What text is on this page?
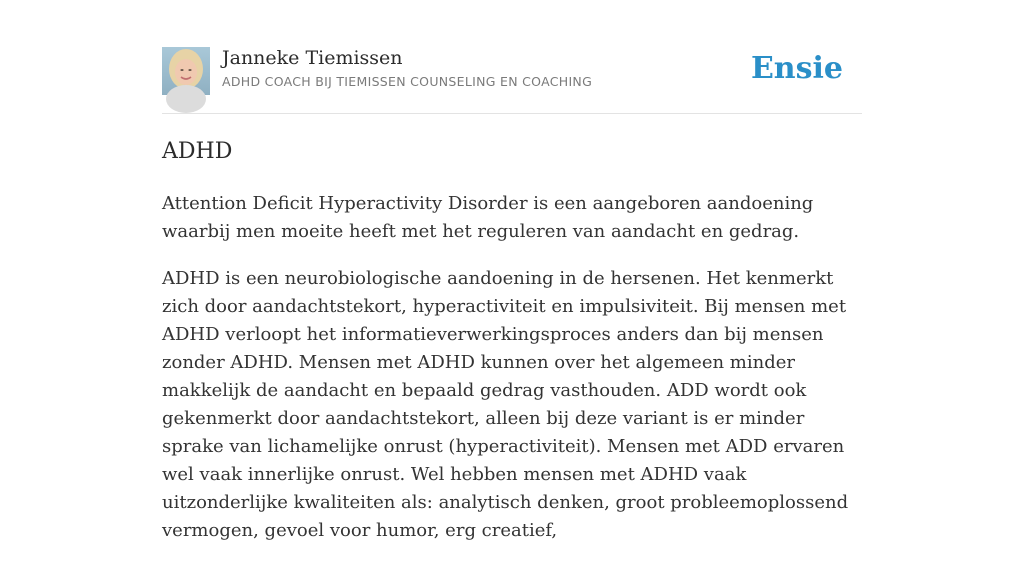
Janneke Tiemissen
ADHD COACH BIJ TIEMISSEN COUNSELING EN COACHING	Ensie
ADHD

Attention Deficit Hyperactivity Disorder is een aangeboren aandoening waarbij men moeite heeft met het reguleren van aandacht en gedrag.

ADHD is een neurobiologische aandoening in de hersenen. Het kenmerkt zich door aandachtstekort, hyperactiviteit en impulsiviteit. Bij mensen met ADHD verloopt het informatieverwerkingsproces anders dan bij mensen zonder ADHD. Mensen met ADHD kunnen over het algemeen minder makkelijk de aandacht en bepaald gedrag vasthouden. ADD wordt ook gekenmerkt door aandachtstekort, alleen bij deze variant is er minder sprake van lichamelijke onrust (hyperactiviteit). Mensen met ADD ervaren wel vaak innerlijke onrust. Wel hebben mensen met ADHD vaak uitzonderlijke kwaliteiten als: analytisch denken, groot probleemoplossend vermogen, gevoel voor humor, erg creatief,
